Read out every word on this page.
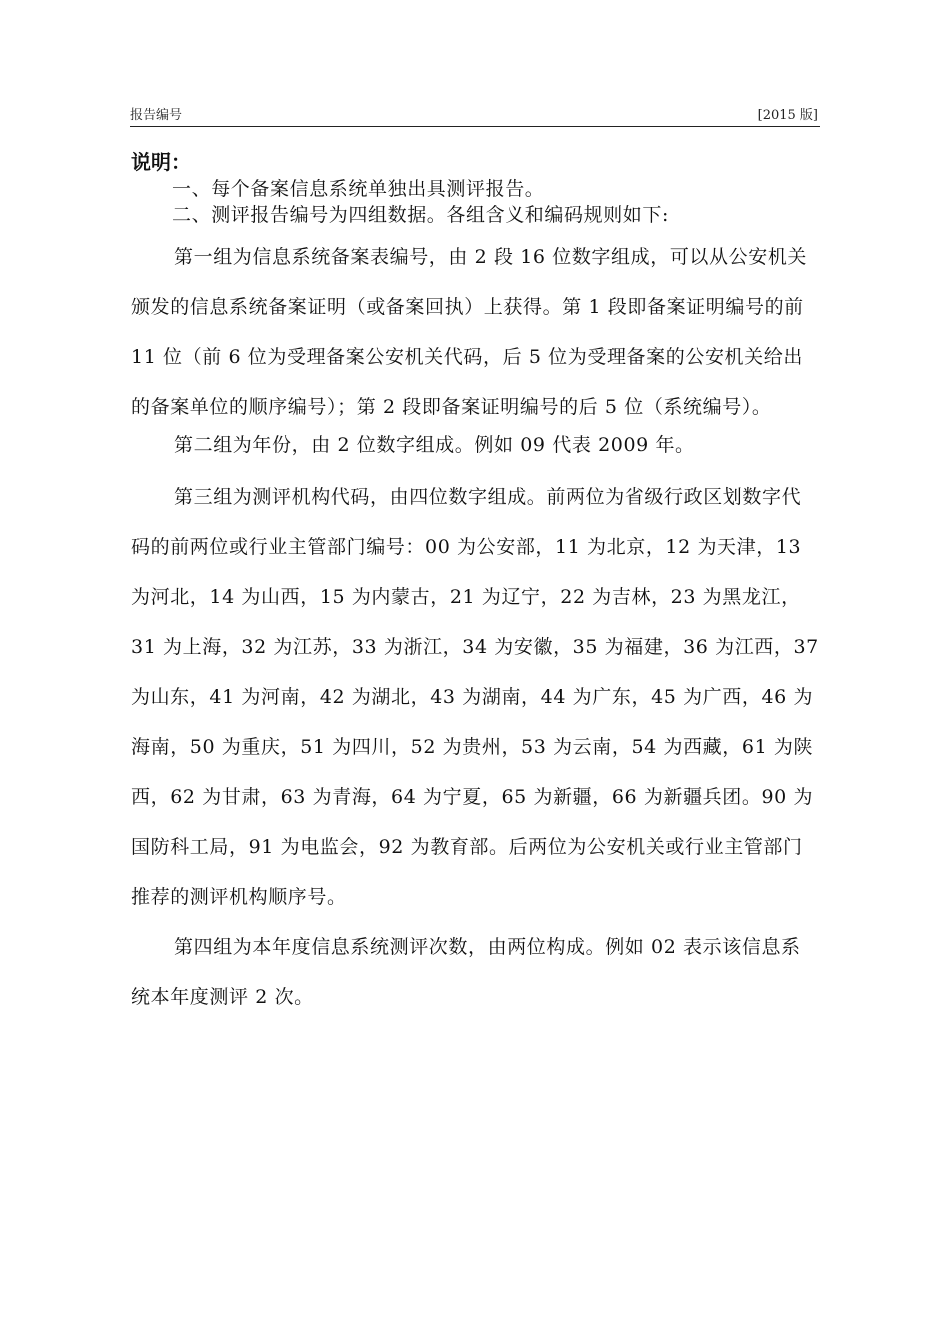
报告编号	[2015 版]
说明：

一、每个备案信息系统单独出具测评报告。

二、测评报告编号为四组数据。各组含义和编码规则如下:

第一组为信息系统备案表编号，由 2 段 16 位数字组成，可以从公安机关颁发的信息系统备案证明（或备案回执）上获得。第 1 段即备案证明编号的前 11 位（前 6 位为受理备案公安机关代码，后 5 位为受理备案的公安机关给出的备案单位的顺序编号）；第 2 段即备案证明编号的后 5 位（系统编号）。

第二组为年份，由 2 位数字组成。例如 09 代表 2009 年。

第三组为测评机构代码，由四位数字组成。前两位为省级行政区划数字代码的前两位或行业主管部门编号：00 为公安部，11 为北京，12 为天津，13 为河北，14 为山西，15 为内蒙古，21 为辽宁，22 为吉林，23 为黑龙江，31 为上海，32 为江苏，33 为浙江，34 为安徽，35 为福建，36 为江西，37 为山东，41 为河南，42 为湖北，43 为湖南，44 为广东，45 为广西，46 为海南，50 为重庆，51 为四川，52 为贵州，53 为云南，54 为西藏，61 为陕西，62 为甘肃，63 为青海，64 为宁夏，65 为新疆，66 为新疆兵团。90 为国防科工局，91 为电监会，92 为教育部。后两位为公安机关或行业主管部门推荐的测评机构顺序号。

第四组为本年度信息系统测评次数，由两位构成。例如 02 表示该信息系统本年度测评 2 次。
